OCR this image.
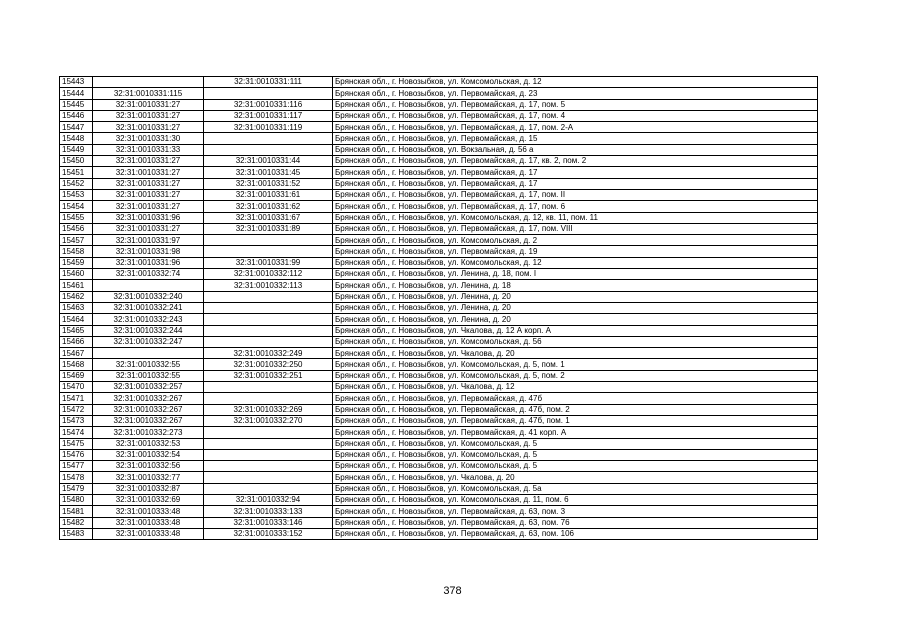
15443		32:31:0010331:111	Брянская обл., г. Новозыбков, ул. Комсомольская, д. 12
15444	32:31:0010331:115		Брянская обл., г. Новозыбков, ул. Первомайская, д. 23
15445	32:31:0010331:27	32:31:0010331:116	Брянская обл., г. Новозыбков, ул. Первомайская, д. 17, пом. 5
15446	32:31:0010331:27	32:31:0010331:117	Брянская обл., г. Новозыбков, ул. Первомайская, д. 17, пом. 4
15447	32:31:0010331:27	32:31:0010331:119	Брянская обл., г. Новозыбков, ул. Первомайская, д. 17, пом. 2-А
15448	32:31:0010331:30		Брянская обл., г. Новозыбков, ул. Первомайская, д. 15
15449	32:31:0010331:33		Брянская обл., г. Новозыбков, ул. Вокзальная, д. 56 а
15450	32:31:0010331:27	32:31:0010331:44	Брянская обл., г. Новозыбков, ул. Первомайская, д. 17, кв. 2, пом. 2
15451	32:31:0010331:27	32:31:0010331:45	Брянская обл., г. Новозыбков, ул. Первомайская, д. 17
15452	32:31:0010331:27	32:31:0010331:52	Брянская обл., г. Новозыбков, ул. Первомайская, д. 17
15453	32:31:0010331:27	32:31:0010331:61	Брянская обл., г. Новозыбков, ул. Первомайская, д. 17, пом. II
15454	32:31:0010331:27	32:31:0010331:62	Брянская обл., г. Новозыбков, ул. Первомайская, д. 17, пом. 6
15455	32:31:0010331:96	32:31:0010331:67	Брянская обл., г. Новозыбков, ул. Комсомольская, д. 12, кв. 11, пом. 11
15456	32:31:0010331:27	32:31:0010331:89	Брянская обл., г. Новозыбков, ул. Первомайская, д. 17, пом. VIII
15457	32:31:0010331:97		Брянская обл., г. Новозыбков, ул. Комсомольская, д. 2
15458	32:31:0010331:98		Брянская обл., г. Новозыбков, ул. Первомайская, д. 19
15459	32:31:0010331:96	32:31:0010331:99	Брянская обл., г. Новозыбков, ул. Комсомольская, д. 12
15460	32:31:0010332:74	32:31:0010332:112	Брянская обл., г. Новозыбков, ул. Ленина, д. 18, пом. I
15461		32:31:0010332:113	Брянская обл., г. Новозыбков, ул. Ленина, д. 18
15462	32:31:0010332:240		Брянская обл., г. Новозыбков, ул. Ленина, д. 20
15463	32:31:0010332:241		Брянская обл., г. Новозыбков, ул. Ленина, д. 20
15464	32:31:0010332:243		Брянская обл., г. Новозыбков, ул. Ленина, д. 20
15465	32:31:0010332:244		Брянская обл., г. Новозыбков, ул. Чкалова, д. 12 А корп. А
15466	32:31:0010332:247		Брянская обл., г. Новозыбков, ул. Комсомольская, д. 56
15467		32:31:0010332:249	Брянская обл., г. Новозыбков, ул. Чкалова, д. 20
15468	32:31:0010332:55	32:31:0010332:250	Брянская обл., г. Новозыбков, ул. Комсомольская, д. 5, пом. 1
15469	32:31:0010332:55	32:31:0010332:251	Брянская обл., г. Новозыбков, ул. Комсомольская, д. 5, пом. 2
15470	32:31:0010332:257		Брянская обл., г. Новозыбков, ул. Чкалова, д. 12
15471	32:31:0010332:267		Брянская обл., г. Новозыбков, ул. Первомайская, д. 47б
15472	32:31:0010332:267	32:31:0010332:269	Брянская обл., г. Новозыбков, ул. Первомайская, д. 47б, пом. 2
15473	32:31:0010332:267	32:31:0010332:270	Брянская обл., г. Новозыбков, ул. Первомайская, д. 47б, пом. 1
15474	32:31:0010332:273		Брянская обл., г. Новозыбков, ул. Первомайская, д. 41 корп. А
15475	32:31:0010332:53		Брянская обл., г. Новозыбков, ул. Комсомольская, д. 5
15476	32:31:0010332:54		Брянская обл., г. Новозыбков, ул. Комсомольская, д. 5
15477	32:31:0010332:56		Брянская обл., г. Новозыбков, ул. Комсомольская, д. 5
15478	32:31:0010332:77		Брянская обл., г. Новозыбков, ул. Чкалова, д. 20
15479	32:31:0010332:87		Брянская обл., г. Новозыбков, ул. Комсомольская, д. 5а
15480	32:31:0010332:69	32:31:0010332:94	Брянская обл., г. Новозыбков, ул. Комсомольская, д. 11, пом. 6
15481	32:31:0010333:48	32:31:0010333:133	Брянская обл., г. Новозыбков, ул. Первомайская, д. 63, пом. 3
15482	32:31:0010333:48	32:31:0010333:146	Брянская обл., г. Новозыбков, ул. Первомайская, д. 63, пом. 76
15483	32:31:0010333:48	32:31:0010333:152	Брянская обл., г. Новозыбков, ул. Первомайская, д. 63, пом. 106
378
